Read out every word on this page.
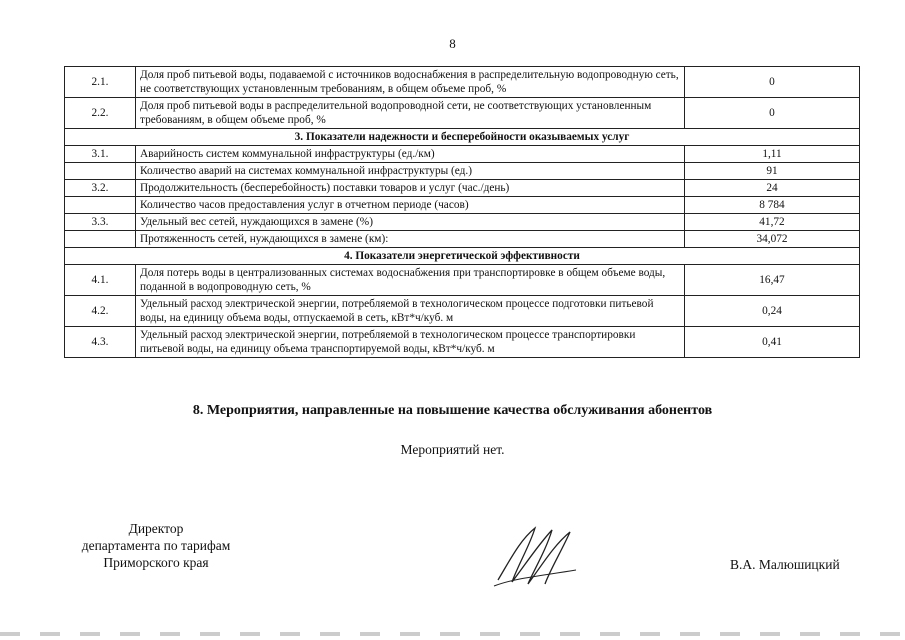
8
2.1.	Доля проб питьевой воды, подаваемой с источников водоснабжения в распределительную водопроводную сеть, не соответствующих установленным требованиям, в общем объеме проб, %	0
2.2.	Доля проб питьевой воды в распределительной водопроводной сети, не соответствующих установленным требованиям, в общем объеме проб, %	0
3. Показатели надежности и бесперебойности оказываемых услуг		
3.1.	Аварийность систем коммунальной инфраструктуры (ед./км)	1,11
	Количество аварий на системах коммунальной инфраструктуры (ед.)	91
3.2.	Продолжительность (бесперебойность) поставки товаров и услуг (час./день)	24
	Количество часов предоставления услуг в отчетном периоде (часов)	8 784
3.3.	Удельный вес сетей, нуждающихся в замене (%)	41,72
	Протяженность сетей, нуждающихся в замене (км):	34,072
4. Показатели энергетической эффективности		
4.1.	Доля потерь воды в централизованных системах водоснабжения при транспортировке в общем объеме воды, поданной в водопроводную сеть, %	16,47
4.2.	Удельный расход электрической энергии, потребляемой в технологическом процессе подготовки питьевой воды, на единицу объема воды, отпускаемой в сеть, кВт*ч/куб. м	0,24
4.3.	Удельный расход электрической энергии, потребляемой в технологическом процессе транспортировки питьевой воды, на единицу объема транспортируемой воды, кВт*ч/куб. м	0,41
8. Мероприятия, направленные на повышение качества обслуживания абонентов
Мероприятий нет.
Директор
департамента по тарифам
Приморского края	В.А. Малюшицкий
